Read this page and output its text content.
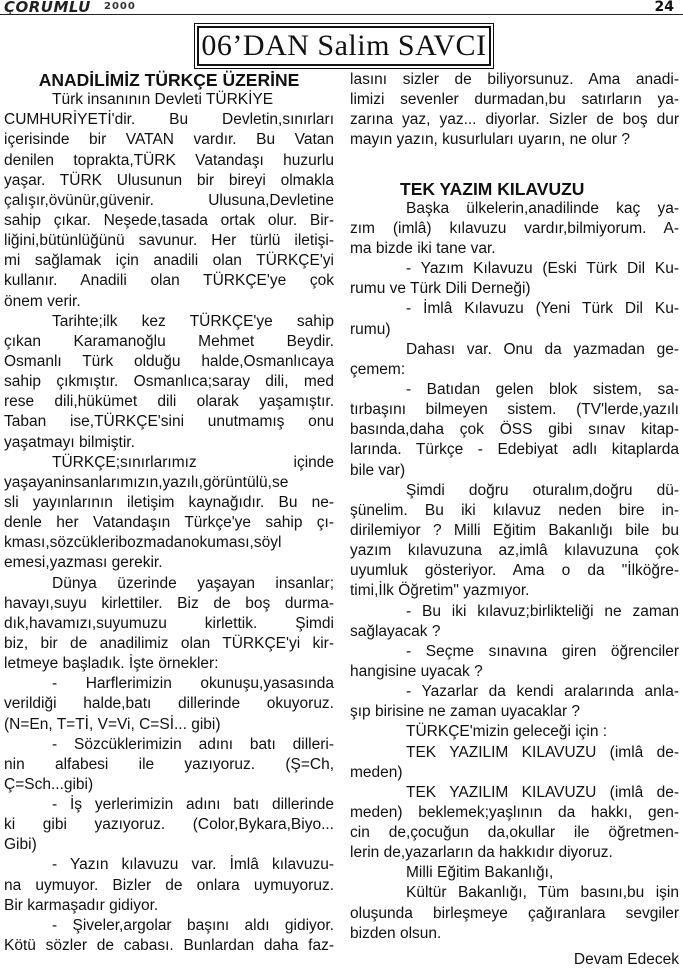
ÇORUMLU 2000	24
06’DAN Salim SAVCI
ANADİLİMİZ TÜRKÇE ÜZERİNE
Türk insanının Devleti TÜRKİYE
CUMHURİYETİ'dir. Bu Devletin,sınırları
içerisinde bir VATAN vardır. Bu Vatan
denilen toprakta,TÜRK Vatandaşı huzurlu
yaşar. TÜRK Ulusunun bir bireyi olmakla
çalışır,övünür,güvenir. Ulusuna,Devletine
sahip çıkar. Neşede,tasada ortak olur. Bir-
liğini,bütünlüğünü savunur. Her türlü iletişi-
mi sağlamak için anadili olan TÜRKÇE'yi
kullanır. Anadili olan TÜRKÇE'ye çok
önem verir.
Tarihte;ilk kez TÜRKÇE'ye sahip
çıkan Karamanoğlu Mehmet Beydir.
Osmanlı Türk olduğu halde,Osmanlıcaya
sahip çıkmıştır. Osmanlıca;saray dili, med
rese dili,hükümet dili olarak yaşamıştır.
Taban ise,TÜRKÇE'sini unutmamış onu
yaşatmayı bilmiştir.
TÜRKÇE;sınırlarımız içinde
yaşayaninsanlarımızın,yazılı,görüntülü,se
sli yayınlarının iletişim kaynağıdır. Bu ne-
denle her Vatandaşın Türkçe'ye sahip çı-
kması,sözcükleribozmadanokuması,söyl
emesi,yazması gerekir.
Dünya üzerinde yaşayan insanlar;
havayı,suyu kirlettiler. Biz de boş durma-
dık,havamızı,suyumuzu kirlettik. Şimdi
biz, bir de anadilimiz olan TÜRKÇE'yi kir-
letmeye başladık. İşte örnekler:
- Harflerimizin okunuşu,yasasında
verildiği halde,batı dillerinde okuyoruz.
(N=En, T=Tİ, V=Vi, C=Sİ... gibi)
- Sözcüklerimizin adını batı dilleri-
nin alfabesi ile yazıyoruz. (Ş=Ch,
Ç=Sch...gibi)
- İş yerlerimizin adını batı dillerinde
ki gibi yazıyoruz. (Color,Bykara,Biyo...
Gibi)
- Yazın kılavuzu var. İmlâ kılavuzu-
na uymuyor. Bizler de onlara uymuyoruz.
Bir karmaşadır gidiyor.
- Şiveler,argolar başını aldı gidiyor.
Kötü sözler de cabası. Bunlardan daha faz-
lasını sizler de biliyorsunuz. Ama anadi-
limizi sevenler durmadan,bu satırların ya-
zarına yaz, yaz... diyorlar. Sizler de boş dur
mayın yazın, kusurluları uyarın, ne olur ?
TEK YAZIM KILAVUZU
Başka ülkelerin,anadilinde kaç ya-
zım (imlâ) kılavuzu vardır,bilmiyorum. A-
ma bizde iki tane var.
- Yazım Kılavuzu (Eski Türk Dil Ku-
rumu ve Türk Dili Derneği)
- İmlâ Kılavuzu (Yeni Türk Dil Ku-
rumu)
Dahası var. Onu da yazmadan ge-
çemem:
- Batıdan gelen blok sistem, sa-
tırbaşını bilmeyen sistem. (TV'lerde,yazılı
basında,daha çok ÖSS gibi sınav kitap-
larında. Türkçe - Edebiyat adlı kitaplarda
bile var)
Şimdi doğru oturalım,doğru dü-
şünelim. Bu iki kılavuz neden bire in-
dirilemiyor ? Milli Eğitim Bakanlığı bile bu
yazım kılavuzuna az,imlâ kılavuzuna çok
uyumluk gösteriyor. Ama o da "İlköğre-
timi,İlk Öğretim" yazmıyor.
- Bu iki kılavuz;birlikteliği ne zaman
sağlayacak ?
- Seçme sınavına giren öğrenciler
hangisine uyacak ?
- Yazarlar da kendi aralarında anla-
şıp birisine ne zaman uyacaklar ?
TÜRKÇE'mizin geleceği için :
TEK YAZILIM KILAVUZU (imlâ de-
meden)
TEK YAZILIM KILAVUZU (imlâ de-
meden) beklemek;yaşlının da hakkı, gen-
cin de,çocuğun da,okullar ile öğretmen-
lerin de,yazarların da hakkıdır diyoruz.
Milli Eğitim Bakanlığı,
Kültür Bakanlığı, Tüm basını,bu işin
oluşunda birleşmeye çağıranlara sevgiler
bizden olsun.
Devam Edecek
